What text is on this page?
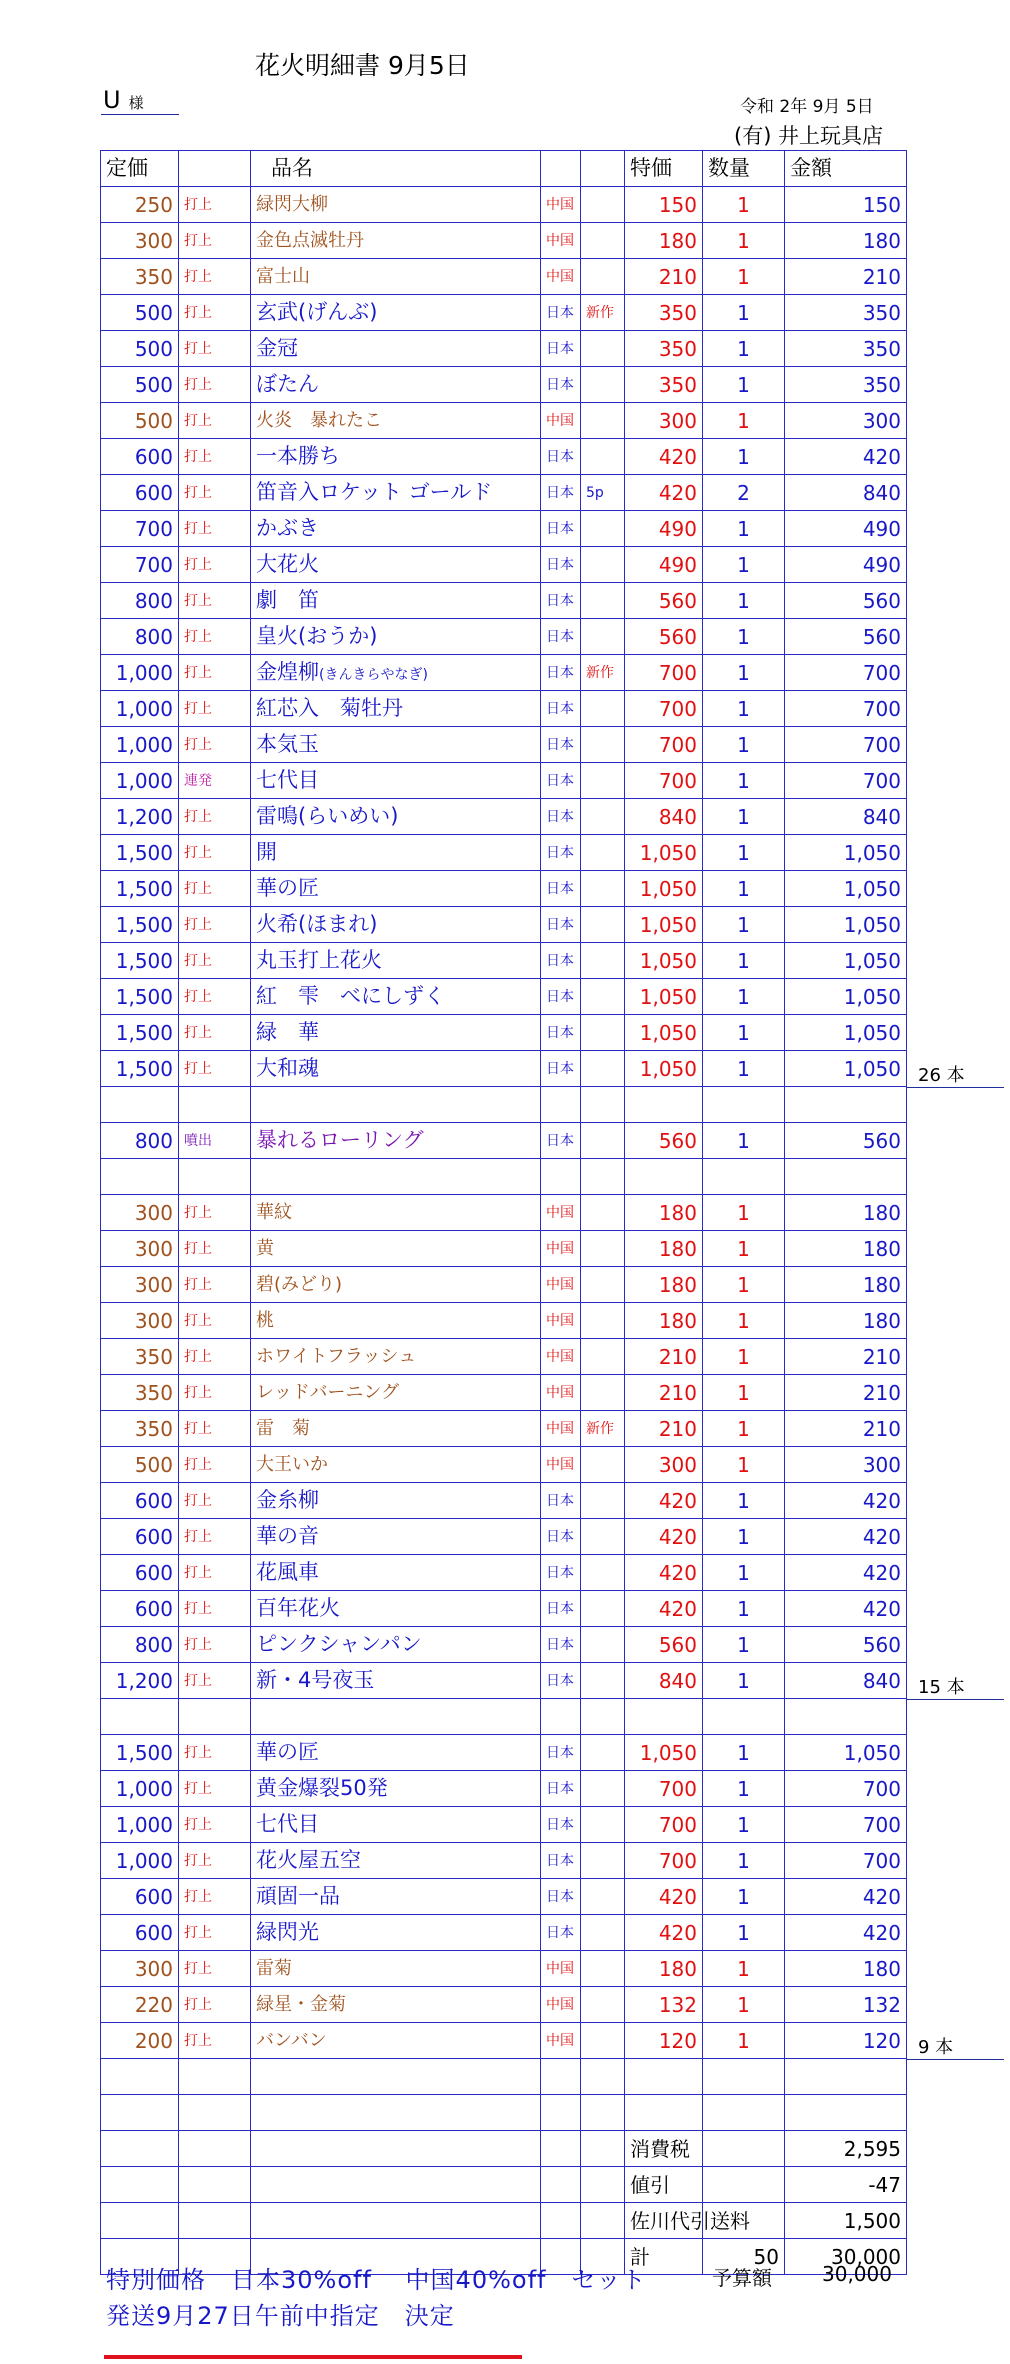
花火明細書 9月5日
U様	令和 2年 9月 5日
(有) 井上玩具店
定価		品名			特価	数量	金額
250	打上	緑閃大柳	中国		150	1	150
300	打上	金色点滅牡丹	中国		180	1	180
350	打上	富士山	中国		210	1	210
500	打上	玄武(げんぶ)	日本	新作	350	1	350
500	打上	金冠	日本		350	1	350
500	打上	ぼたん	日本		350	1	350
500	打上	火炎　暴れたこ	中国		300	1	300
600	打上	一本勝ち	日本		420	1	420
600	打上	笛音入ロケット ゴールド	日本	5p	420	2	840
700	打上	かぶき	日本		490	1	490
700	打上	大花火	日本		490	1	490
800	打上	劇　笛	日本		560	1	560
800	打上	皇火(おうか)	日本		560	1	560
1,000	打上	金煌柳(きんきらやなぎ)	日本	新作	700	1	700
1,000	打上	紅芯入　菊牡丹	日本		700	1	700
1,000	打上	本気玉	日本		700	1	700
1,000	連発	七代目	日本		700	1	700
1,200	打上	雷鳴(らいめい)	日本		840	1	840
1,500	打上	開	日本		1,050	1	1,050
1,500	打上	華の匠	日本		1,050	1	1,050
1,500	打上	火希(ほまれ)	日本		1,050	1	1,050
1,500	打上	丸玉打上花火	日本		1,050	1	1,050
1,500	打上	紅　雫　べにしずく	日本		1,050	1	1,050
1,500	打上	緑　華	日本		1,050	1	1,050
1,500	打上	大和魂	日本		1,050	1	1,050

800	噴出	暴れるローリング	日本		560	1	560

300	打上	華紋	中国		180	1	180
300	打上	黄	中国		180	1	180
300	打上	碧(みどり)	中国		180	1	180
300	打上	桃	中国		180	1	180
350	打上	ホワイトフラッシュ	中国		210	1	210
350	打上	レッドバーニング	中国		210	1	210
350	打上	雷　菊	中国	新作	210	1	210
500	打上	大王いか	中国		300	1	300
600	打上	金糸柳	日本		420	1	420
600	打上	華の音	日本		420	1	420
600	打上	花風車	日本		420	1	420
600	打上	百年花火	日本		420	1	420
800	打上	ピンクシャンパン	日本		560	1	560
1,200	打上	新・4号夜玉	日本		840	1	840

1,500	打上	華の匠	日本		1,050	1	1,050
1,000	打上	黄金爆裂50発	日本		700	1	700
1,000	打上	七代目	日本		700	1	700
1,000	打上	花火屋五空	日本		700	1	700
600	打上	頑固一品	日本		420	1	420
600	打上	緑閃光	日本		420	1	420
300	打上	雷菊	中国		180	1	180
220	打上	緑星・金菊	中国		132	1	132
200	打上	バンバン	中国		120	1	120

					消費税		2,595
					値引		-47
					佐川代引送料		1,500
					計	50	30,000
26 本
15 本
9 本
予算額	30,000
特別価格　日本30%off　 中国40%off　セット
発送9月27日午前中指定　決定
